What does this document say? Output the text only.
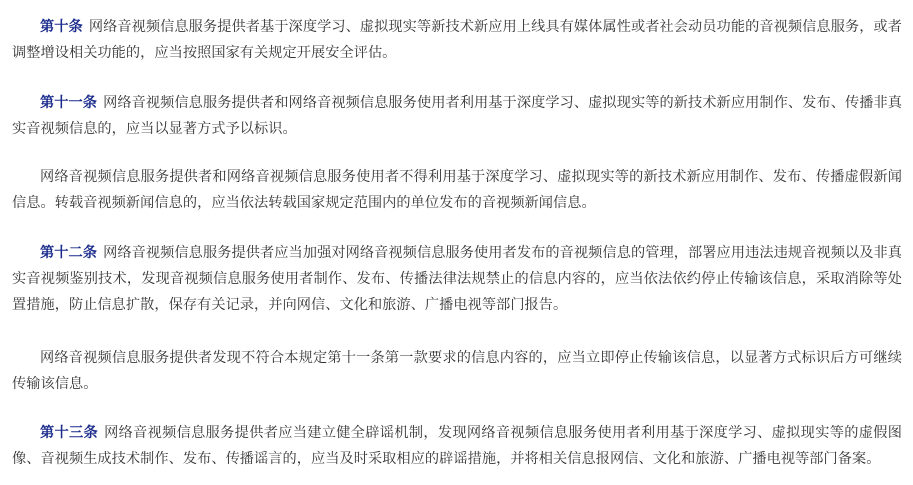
第十条 网络音视频信息服务提供者基于深度学习、虚拟现实等新技术新应用上线具有媒体属性或者社会动员功能的音视频信息服务，或者调整增设相关功能的，应当按照国家有关规定开展安全评估。

第十一条 网络音视频信息服务提供者和网络音视频信息服务使用者利用基于深度学习、虚拟现实等的新技术新应用制作、发布、传播非真实音视频信息的，应当以显著方式予以标识。

网络音视频信息服务提供者和网络音视频信息服务使用者不得利用基于深度学习、虚拟现实等的新技术新应用制作、发布、传播虚假新闻信息。转载音视频新闻信息的，应当依法转载国家规定范围内的单位发布的音视频新闻信息。

第十二条 网络音视频信息服务提供者应当加强对网络音视频信息服务使用者发布的音视频信息的管理，部署应用违法违规音视频以及非真实音视频鉴别技术，发现音视频信息服务使用者制作、发布、传播法律法规禁止的信息内容的，应当依法依约停止传输该信息，采取消除等处置措施，防止信息扩散，保存有关记录，并向网信、文化和旅游、广播电视等部门报告。

网络音视频信息服务提供者发现不符合本规定第十一条第一款要求的信息内容的，应当立即停止传输该信息，以显著方式标识后方可继续传输该信息。

第十三条 网络音视频信息服务提供者应当建立健全辟谣机制，发现网络音视频信息服务使用者利用基于深度学习、虚拟现实等的虚假图像、音视频生成技术制作、发布、传播谣言的，应当及时采取相应的辟谣措施，并将相关信息报网信、文化和旅游、广播电视等部门备案。
